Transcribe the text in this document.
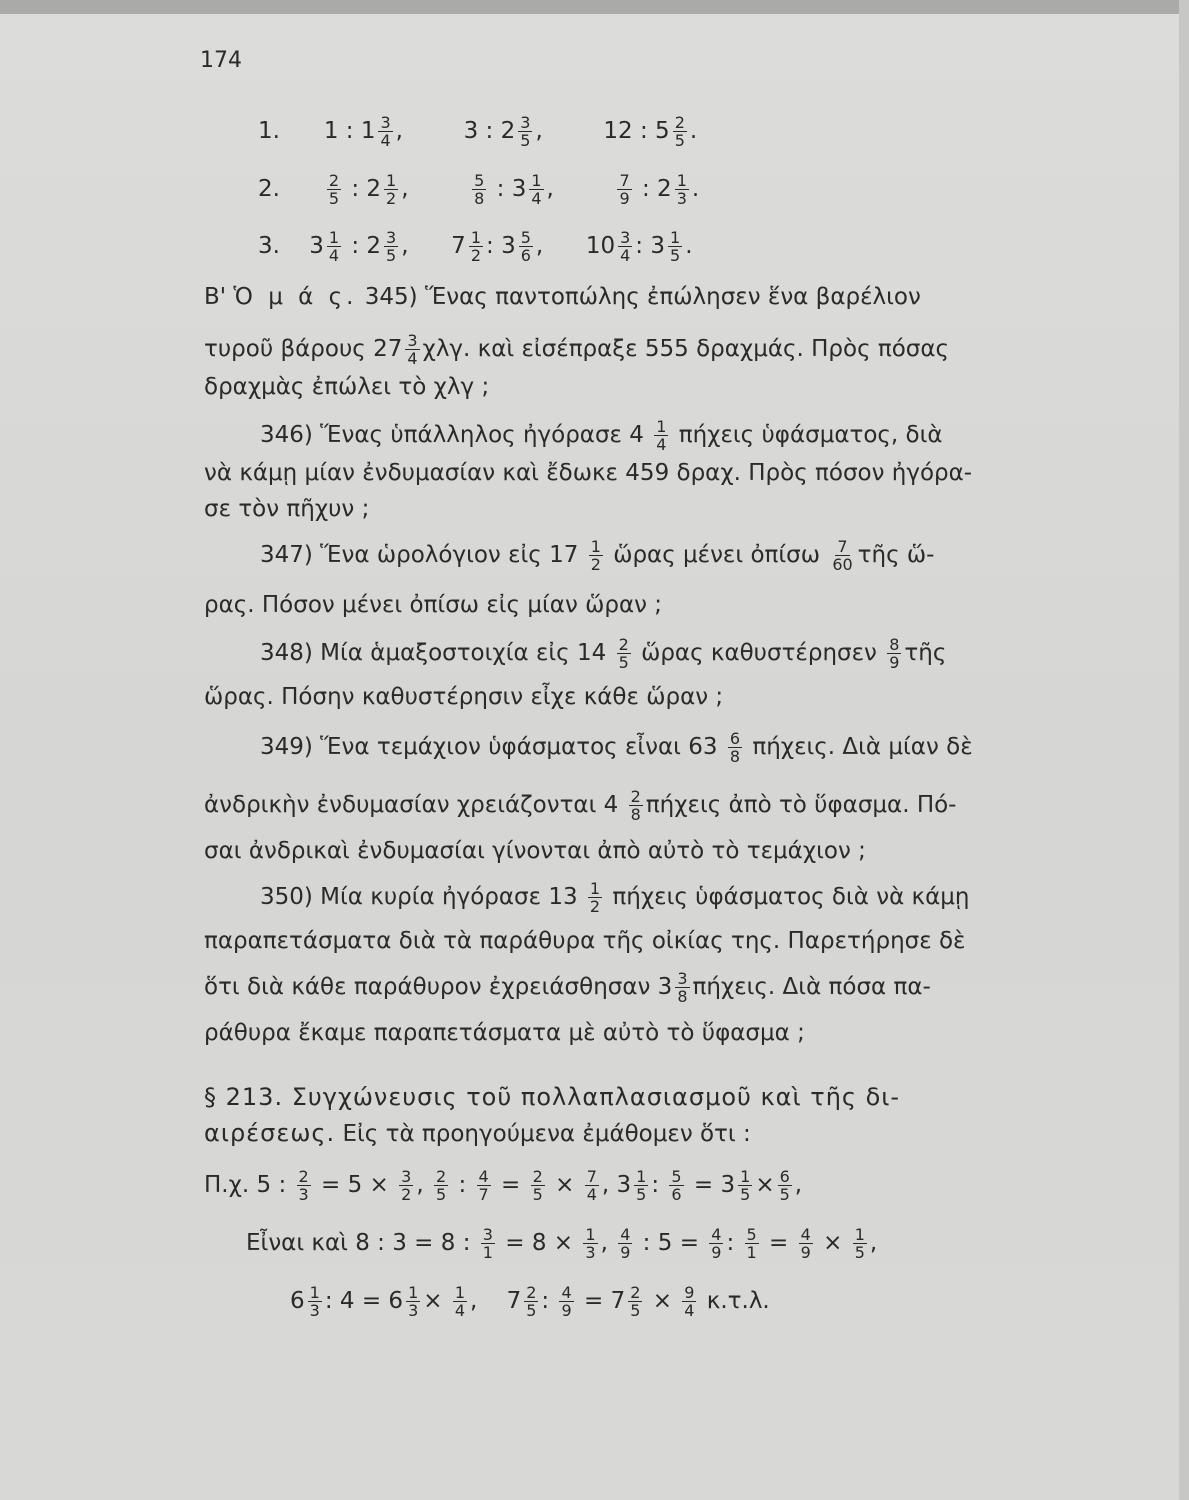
174
1. 1 : $1 \frac{3}{4}$ ,  3 : $2 \frac{3}{5}$ ,  12 : $5 \frac{2}{5}$ .
2.	$\frac{2}{5}$ : $2 \frac{1}{2}$ ,	$\frac{5}{8}$ : $3 \frac{1}{4}$ ,	$\frac{7}{9}$ : $2 \frac{1}{3}$ .
3. $3 \frac{1}{4}$ : $2 \frac{3}{5}$ ,  $7 \frac{1}{2}$ : $3 \frac{5}{6}$ ,  $10 \frac{3}{4}$ : $3 \frac{1}{5}$ .
Β' Ὁ μ ά ς. 345) Ἕνας παντοπώλης ἐπώλησεν ἕνα βαρέλιον
τυροῦ βάρους $27 \frac{3}{4} \chi\lambda\gamma$. καὶ εἰσέπραξε 555 δραχμάς. Πρὸς πόσας
δραχμὰς ἐπώλει τὸ χλγ ;
346) Ἕνας ὑπάλληλος ἠγόρασε $4 \frac{1}{4}$ πήχεις ὑφάσματος, διὰ
νὰ κάμῃ μίαν ἐνδυμασίαν καὶ ἔδωκε 459 δραχ. Πρὸς πόσον ἠγόρα-
σε τὸν πῆχυν ;
347) Ἕνα ὡρολόγιον εἰς $17 \frac{1}{2}$ ὥρας μένει ὀπίσω $\frac{7}{60}$ τῆς ὥ-
ρας. Πόσον μένει ὀπίσω εἰς μίαν ὥραν ;
348) Μία ἁμαξοστοιχία εἰς $14 \frac{2}{5}$ ὥρας καθυστέρησεν $\frac{8}{9}$ τῆς
ὥρας. Πόσην καθυστέρησιν εἶχε κάθε ὥραν ;
349) Ἕνα τεμάχιον ὑφάσματος εἶναι $63 \frac{6}{8} \pi ή\chi\varepsilon\iota\varsigma$. Διὰ μίαν δὲ
ἀνδρικὴν ἐνδυμασίαν χρειάζονται $4 \frac{2}{8}$ πήχεις ἀπὸ τὸ ὕφασμα. Πό-
σαι ἀνδρικαὶ ἐνδυμασίαι γίνονται ἀπὸ αὐτὸ τὸ τεμάχιον ;
350) Μία κυρία ἠγόρασε $13 \frac{1}{2}$ πήχεις ὑφάσματος διὰ νὰ κάμῃ
παραπετάσματα διὰ τὰ παράθυρα τῆς οἰκίας της. Παρετήρησε δὲ
ὅτι διὰ κάθε παράθυρον ἐχρειάσθησαν $3 \frac{3}{8} \pi ή\chi\varepsilon\iota\varsigma$. Διὰ πόσα πα-
ράθυρα ἔκαμε παραπετάσματα μὲ αὐτὸ τὸ ὕφασμα ;
§ 213. Συγχώνευσις τοῦ πολλαπλασιασμοῦ καὶ τῆς δι-
αιρέσεως. Εἰς τὰ προηγούμενα ἐμάθομεν ὅτι :
Π.χ. 5 : $\frac{2}{3} = 5 \times \frac{3}{2}$ , $\frac{2}{5}$ : $\frac{4}{7} = \frac{2}{5} \times \frac{7}{4}$ , $3 \frac{1}{5}$ : $\frac{5}{6} = 3 \frac{1}{5} \times \frac{6}{5}$ ,
Εἶναι καὶ 8 : 3 = 8 : $\frac{3}{1} = 8 \times \frac{1}{3}$ , $\frac{4}{9}$ : $5 = \frac{4}{9}$ : $\frac{5}{1} = \frac{4}{9} \times \frac{1}{5}$ ,
$6 \frac{1}{3}$ : $4 = 6 \frac{1}{3} \times \frac{1}{4}$ ,    $7 \frac{2}{5}$ : $\frac{4}{9} = 7 \frac{2}{5} \times \frac{9}{4} \kappa.\tau.\lambda$.
